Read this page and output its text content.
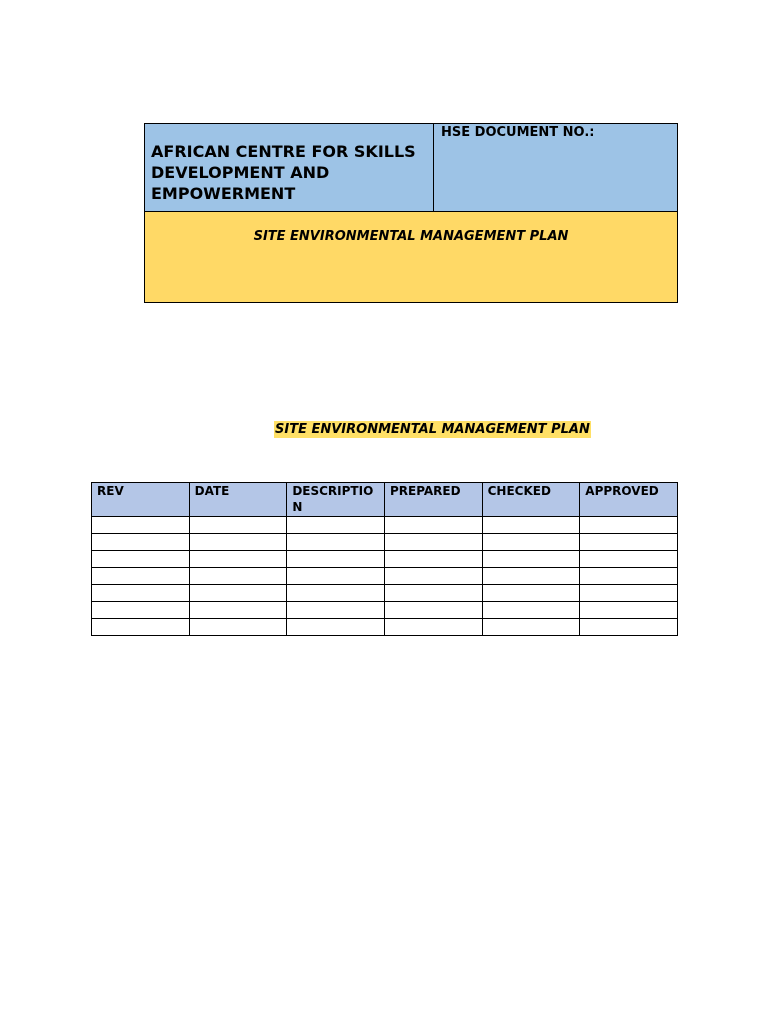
AFRICAN CENTRE FOR SKILLS DEVELOPMENT AND EMPOWERMENT

HSE DOCUMENT NO.:

SITE ENVIRONMENTAL MANAGEMENT PLAN
SITE ENVIRONMENTAL MANAGEMENT PLAN
REV	DATE	DESCRIPTION	PREPARED	CHECKED	APPROVED
